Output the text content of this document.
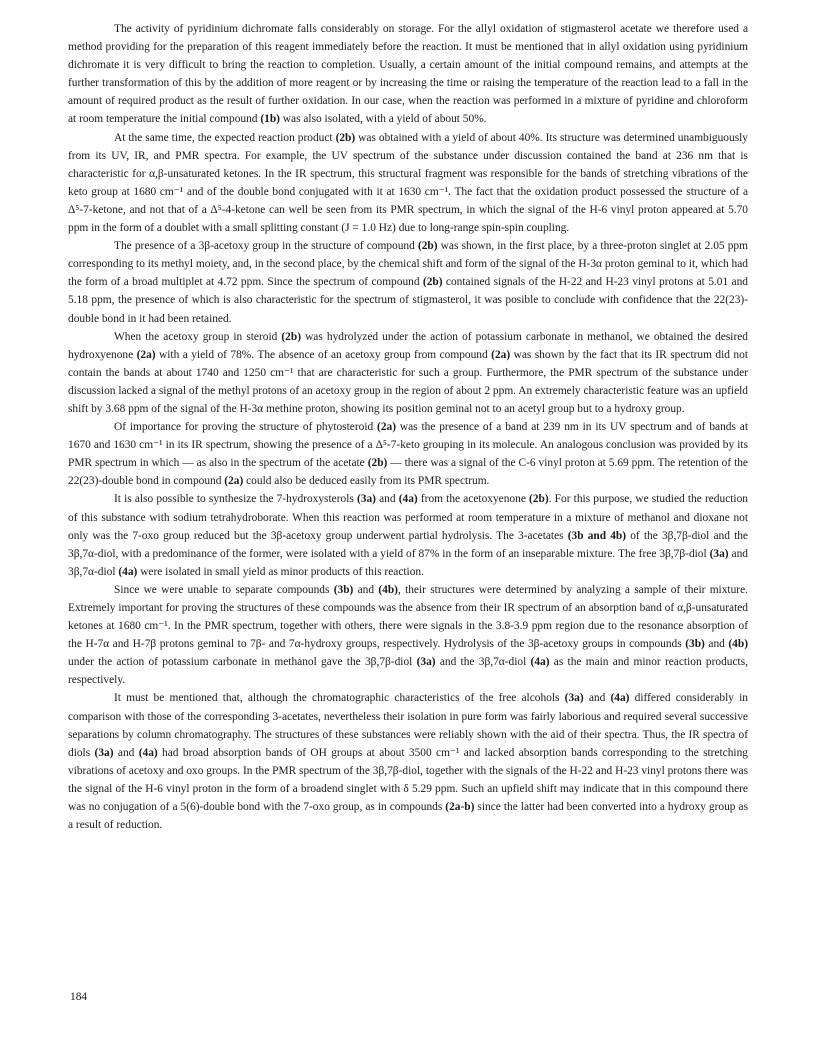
The activity of pyridinium dichromate falls considerably on storage. For the allyl oxidation of stigmasterol acetate we therefore used a method providing for the preparation of this reagent immediately before the reaction. It must be mentioned that in allyl oxidation using pyridinium dichromate it is very difficult to bring the reaction to completion. Usually, a certain amount of the initial compound remains, and attempts at the further transformation of this by the addition of more reagent or by increasing the time or raising the temperature of the reaction lead to a fall in the amount of required product as the result of further oxidation. In our case, when the reaction was performed in a mixture of pyridine and chloroform at room temperature the initial compound (1b) was also isolated, with a yield of about 50%.

At the same time, the expected reaction product (2b) was obtained with a yield of about 40%. Its structure was determined unambiguously from its UV, IR, and PMR spectra. For example, the UV spectrum of the substance under discussion contained the band at 236 nm that is characteristic for α,β-unsaturated ketones. In the IR spectrum, this structural fragment was responsible for the bands of stretching vibrations of the keto group at 1680 cm⁻¹ and of the double bond conjugated with it at 1630 cm⁻¹. The fact that the oxidation product possessed the structure of a Δ⁵-7-ketone, and not that of a Δ⁵-4-ketone can well be seen from its PMR spectrum, in which the signal of the H-6 vinyl proton appeared at 5.70 ppm in the form of a doublet with a small splitting constant (J = 1.0 Hz) due to long-range spin-spin coupling.

The presence of a 3β-acetoxy group in the structure of compound (2b) was shown, in the first place, by a three-proton singlet at 2.05 ppm corresponding to its methyl moiety, and, in the second place, by the chemical shift and form of the signal of the H-3α proton geminal to it, which had the form of a broad multiplet at 4.72 ppm. Since the spectrum of compound (2b) contained signals of the H-22 and H-23 vinyl protons at 5.01 and 5.18 ppm, the presence of which is also characteristic for the spectrum of stigmasterol, it was posible to conclude with confidence that the 22(23)-double bond in it had been retained.

When the acetoxy group in steroid (2b) was hydrolyzed under the action of potassium carbonate in methanol, we obtained the desired hydroxyenone (2a) with a yield of 78%. The absence of an acetoxy group from compound (2a) was shown by the fact that its IR spectrum did not contain the bands at about 1740 and 1250 cm⁻¹ that are characteristic for such a group. Furthermore, the PMR spectrum of the substance under discussion lacked a signal of the methyl protons of an acetoxy group in the region of about 2 ppm. An extremely characteristic feature was an upfield shift by 3.68 ppm of the signal of the H-3α methine proton, showing its position geminal not to an acetyl group but to a hydroxy group.

Of importance for proving the structure of phytosteroid (2a) was the presence of a band at 239 nm in its UV spectrum and of bands at 1670 and 1630 cm⁻¹ in its IR spectrum, showing the presence of a Δ⁵-7-keto grouping in its molecule. An analogous conclusion was provided by its PMR spectrum in which — as also in the spectrum of the acetate (2b) — there was a signal of the C-6 vinyl proton at 5.69 ppm. The retention of the 22(23)-double bond in compound (2a) could also be deduced easily from its PMR spectrum.

It is also possible to synthesize the 7-hydroxysterols (3a) and (4a) from the acetoxyenone (2b). For this purpose, we studied the reduction of this substance with sodium tetrahydroborate. When this reaction was performed at room temperature in a mixture of methanol and dioxane not only was the 7-oxo group reduced but the 3β-acetoxy group underwent partial hydrolysis. The 3-acetates (3b and 4b) of the 3β,7β-diol and the 3β,7α-diol, with a predominance of the former, were isolated with a yield of 87% in the form of an inseparable mixture. The free 3β,7β-diol (3a) and 3β,7α-diol (4a) were isolated in small yield as minor products of this reaction.

Since we were unable to separate compounds (3b) and (4b), their structures were determined by analyzing a sample of their mixture. Extremely important for proving the structures of these compounds was the absence from their IR spectrum of an absorption band of α,β-unsaturated ketones at 1680 cm⁻¹. In the PMR spectrum, together with others, there were signals in the 3.8-3.9 ppm region due to the resonance absorption of the H-7α and H-7β protons geminal to 7β- and 7α-hydroxy groups, respectively. Hydrolysis of the 3β-acetoxy groups in compounds (3b) and (4b) under the action of potassium carbonate in methanol gave the 3β,7β-diol (3a) and the 3β,7α-diol (4a) as the main and minor reaction products, respectively.

It must be mentioned that, although the chromatographic characteristics of the free alcohols (3a) and (4a) differed considerably in comparison with those of the corresponding 3-acetates, nevertheless their isolation in pure form was fairly laborious and required several successive separations by column chromatography. The structures of these substances were reliably shown with the aid of their spectra. Thus, the IR spectra of diols (3a) and (4a) had broad absorption bands of OH groups at about 3500 cm⁻¹ and lacked absorption bands corresponding to the stretching vibrations of acetoxy and oxo groups. In the PMR spectrum of the 3β,7β-diol, together with the signals of the H-22 and H-23 vinyl protons there was the signal of the H-6 vinyl proton in the form of a broadend singlet with δ 5.29 ppm. Such an upfield shift may indicate that in this compound there was no conjugation of a 5(6)-double bond with the 7-oxo group, as in compounds (2a-b) since the latter had been converted into a hydroxy group as a result of reduction.

184
